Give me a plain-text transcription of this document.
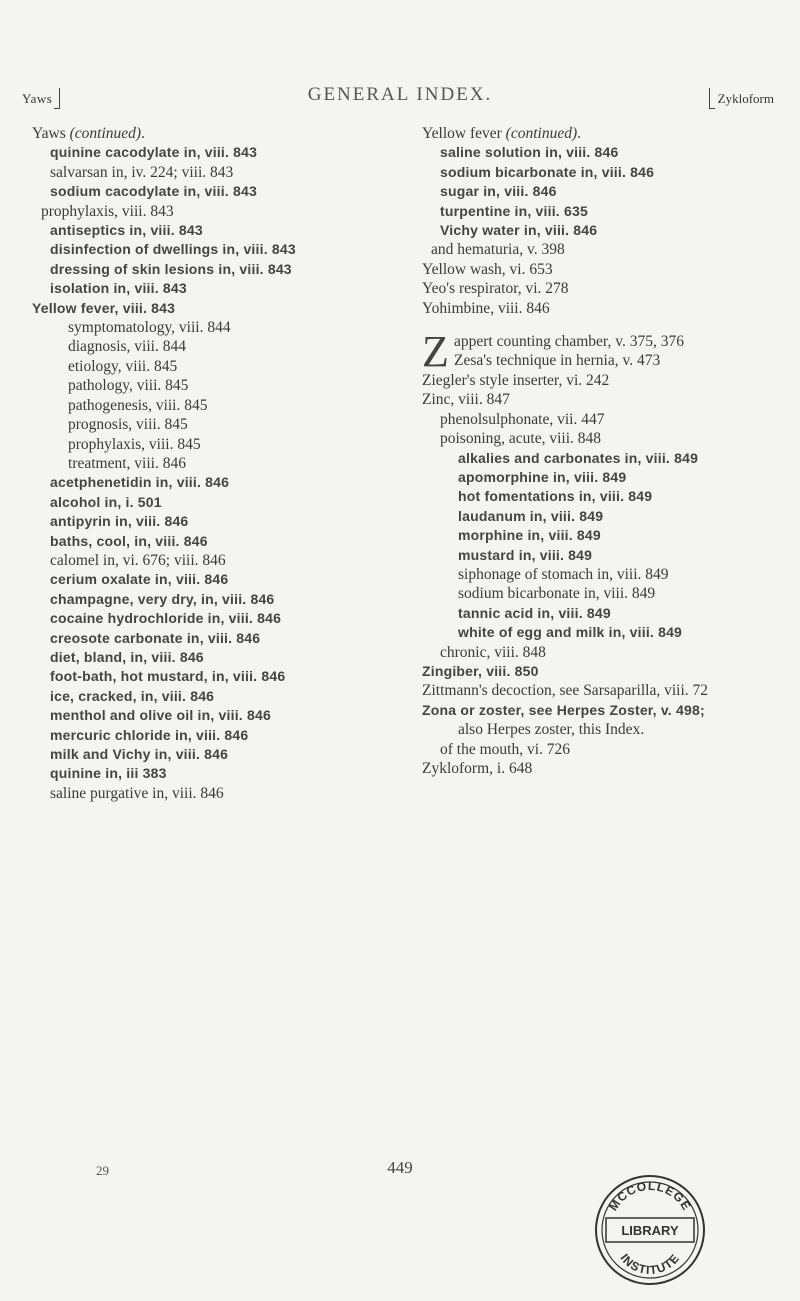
Yaws	GENERAL INDEX.	Zykloform
Yaws (continued).
quinine cacodylate in, viii. 843
salvarsan in, iv. 224; viii. 843
sodium cacodylate in, viii. 843
prophylaxis, viii. 843
antiseptics in, viii. 843
disinfection of dwellings in, viii. 843
dressing of skin lesions in, viii. 843
isolation in, viii. 843
Yellow fever, viii. 843
symptomatology, viii. 844
diagnosis, viii. 844
etiology, viii. 845
pathology, viii. 845
pathogenesis, viii. 845
prognosis, viii. 845
prophylaxis, viii. 845
treatment, viii. 846
acetphenetidin in, viii. 846
alcohol in, i. 501
antipyrin in, viii. 846
baths, cool, in, viii. 846
calomel in, vi. 676; viii. 846
cerium oxalate in, viii. 846
champagne, very dry, in, viii. 846
cocaine hydrochloride in, viii. 846
creosote carbonate in, viii. 846
diet, bland, in, viii. 846
foot-bath, hot mustard, in, viii. 846
ice, cracked, in, viii. 846
menthol and olive oil in, viii. 846
mercuric chloride in, viii. 846
milk and Vichy in, viii. 846
quinine in, iii 383
saline purgative in, viii. 846
Yellow fever (continued).
saline solution in, viii. 846
sodium bicarbonate in, viii. 846
sugar in, viii. 846
turpentine in, viii. 635
Vichy water in, viii. 846
and hematuria, v. 398
Yellow wash, vi. 653
Yeo's respirator, vi. 278
Yohimbine, viii. 846
Z appert counting chamber, v. 375, 376
Zesa's technique in hernia, v. 473
Ziegler's style inserter, vi. 242
Zinc, viii. 847
phenolsulphonate, vii. 447
poisoning, acute, viii. 848
alkalies and carbonates in, viii. 849
apomorphine in, viii. 849
hot fomentations in, viii. 849
laudanum in, viii. 849
morphine in, viii. 849
mustard in, viii. 849
siphonage of stomach in, viii. 849
sodium bicarbonate in, viii. 849
tannic acid in, viii. 849
white of egg and milk in, viii. 849
chronic, viii. 848
Zingiber, viii. 850
Zittmann's decoction, see Sarsaparilla, viii. 72
Zona or zoster, see Herpes Zoster, v. 498;
also Herpes zoster, this Index.
of the mouth, vi. 726
Zykloform, i. 648
29	449
MCCOLLEGE
LIBRARY
INSTITUTE
